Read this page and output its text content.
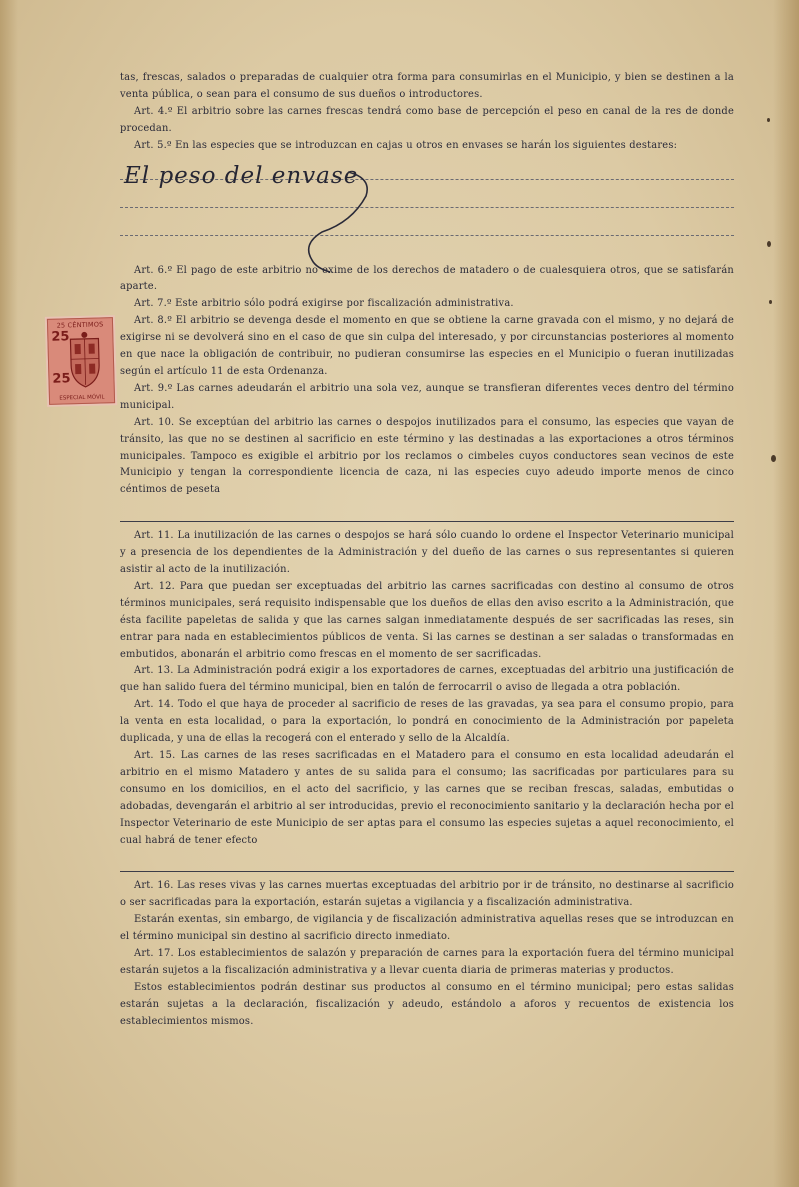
25 CÉNTIMOS
25
25
ESPECIAL MÓVIL

tas, frescas, salados o preparadas de cualquier otra forma para consumirlas en el Municipio, y bien se destinen a la venta pública, o sean para el consumo de sus dueños o introductores.

Art. 4.º El arbitrio sobre las carnes frescas tendrá como base de percepción el peso en canal de la res de donde procedan.

Art. 5.º En las especies que se introduzcan en cajas u otros en envases se harán los siguientes destares:

El peso del envase

Art. 6.º El pago de este arbitrio no exime de los derechos de matadero o de cualesquiera otros, que se satisfarán aparte.

Art. 7.º Este arbitrio sólo podrá exigirse por fiscalización administrativa.

Art. 8.º El arbitrio se devenga desde el momento en que se obtiene la carne gravada con el mismo, y no dejará de exigirse ni se devolverá sino en el caso de que sin culpa del interesado, y por circunstancias posteriores al momento en que nace la obligación de contribuir, no pudieran consumirse las especies en el Municipio o fueran inutilizadas según el artículo 11 de esta Ordenanza.

Art. 9.º Las carnes adeudarán el arbitrio una sola vez, aunque se transfieran diferentes veces dentro del término municipal.

Art. 10. Se exceptúan del arbitrio las carnes o despojos inutilizados para el consumo, las especies que vayan de tránsito, las que no se destinen al sacrificio en este término y las destinadas a las exportaciones a otros términos municipales. Tampoco es exigible el arbitrio por los reclamos o cimbeles cuyos conductores sean vecinos de este Municipio y tengan la correspondiente licencia de caza, ni las especies cuyo adeudo importe menos de cinco céntimos de peseta

Art. 11. La inutilización de las carnes o despojos se hará sólo cuando lo ordene el Inspector Veterinario municipal y a presencia de los dependientes de la Administración y del dueño de las carnes o sus representantes si quieren asistir al acto de la inutilización.

Art. 12. Para que puedan ser exceptuadas del arbitrio las carnes sacrificadas con destino al consumo de otros términos municipales, será requisito indispensable que los dueños de ellas den aviso escrito a la Administración, que ésta facilite papeletas de salida y que las carnes salgan inmediatamente después de ser sacrificadas las reses, sin entrar para nada en establecimientos públicos de venta. Si las carnes se destinan a ser saladas o transformadas en embutidos, abonarán el arbitrio como frescas en el momento de ser sacrificadas.

Art. 13. La Administración podrá exigir a los exportadores de carnes, exceptuadas del arbitrio una justificación de que han salido fuera del término municipal, bien en talón de ferrocarril o aviso de llegada a otra población.

Art. 14. Todo el que haya de proceder al sacrificio de reses de las gravadas, ya sea para el consumo propio, para la venta en esta localidad, o para la exportación, lo pondrá en conocimiento de la Administración por papeleta duplicada, y una de ellas la recogerá con el enterado y sello de la Alcaldía.

Art. 15. Las carnes de las reses sacrificadas en el Matadero para el consumo en esta localidad adeudarán el arbitrio en el mismo Matadero y antes de su salida para el consumo; las sacrificadas por particulares para su consumo en los domicilios, en el acto del sacrificio, y las carnes que se reciban frescas, saladas, embutidas o adobadas, devengarán el arbitrio al ser introducidas, previo el reconocimiento sanitario y la declaración hecha por el Inspector Veterinario de este Municipio de ser aptas para el consumo las especies sujetas a aquel reconocimiento, el cual habrá de tener efecto

Art. 16. Las reses vivas y las carnes muertas exceptuadas del arbitrio por ir de tránsito, no destinarse al sacrificio o ser sacrificadas para la exportación, estarán sujetas a vigilancia y a fiscalización administrativa.

Estarán exentas, sin embargo, de vigilancia y de fiscalización administrativa aquellas reses que se introduzcan en el término municipal sin destino al sacrificio directo inmediato.

Art. 17. Los establecimientos de salazón y preparación de carnes para la exportación fuera del término municipal estarán sujetos a la fiscalización administrativa y a llevar cuenta diaria de primeras materias y productos.

Estos establecimientos podrán destinar sus productos al consumo en el término municipal; pero estas salidas estarán sujetas a la declaración, fiscalización y adeudo, estándolo a aforos y recuentos de existencia los establecimientos mismos.
